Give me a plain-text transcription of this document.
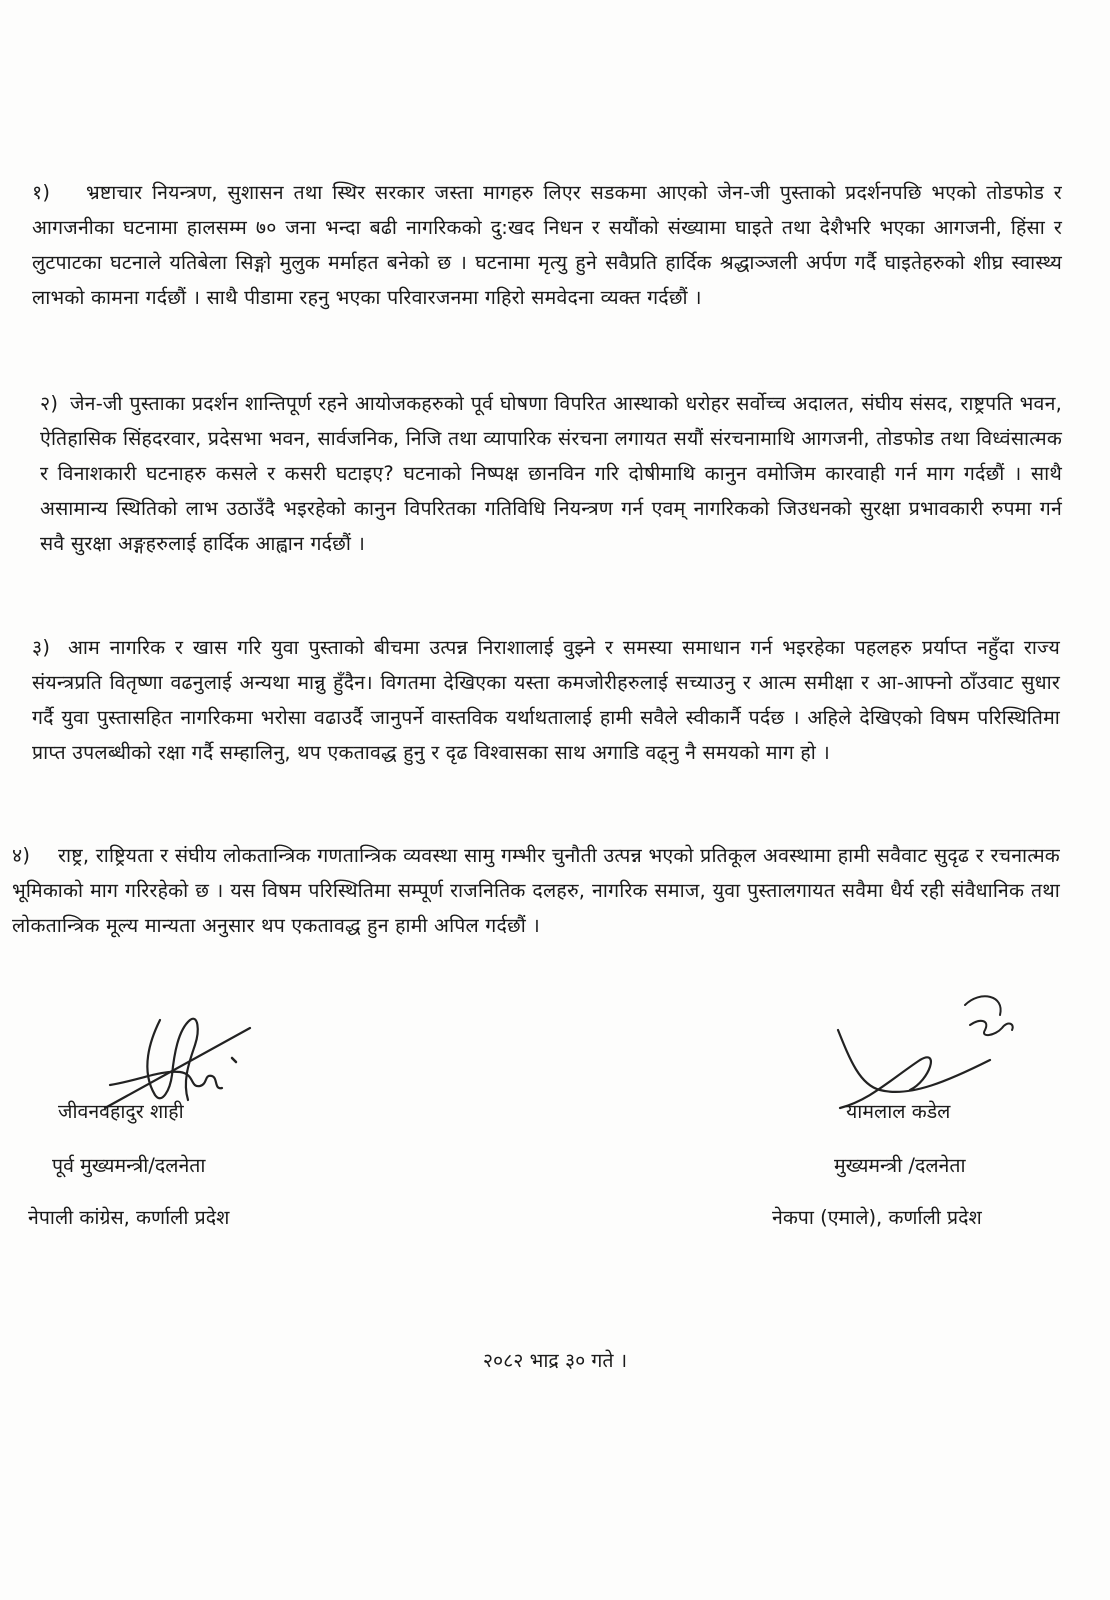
१)	भ्रष्टाचार नियन्त्रण, सुशासन तथा स्थिर सरकार जस्ता मागहरु लिएर सडकमा आएको जेन-जी पुस्ताको प्रदर्शनपछि भएको तोडफोड र आगजनीका घटनामा हालसम्म ७० जना भन्दा बढी नागरिकको दु:खद निधन र सयौंको संख्यामा घाइते तथा देशैभरि भएका आगजनी, हिंसा र लुटपाटका घटनाले यतिबेला सिङ्गो मुलुक मर्माहत बनेको छ । घटनामा मृत्यु हुने सवैप्रति हार्दिक श्रद्धाञ्जली अर्पण गर्दै घाइतेहरुको शीघ्र स्वास्थ्य लाभको कामना गर्दछौं । साथै पीडामा रहनु भएका परिवारजनमा गहिरो समवेदना व्यक्त गर्दछौं ।
२) जेन-जी पुस्ताका प्रदर्शन शान्तिपूर्ण रहने आयोजकहरुको पूर्व घोषणा विपरित आस्थाको धरोहर सर्वोच्च अदालत, संघीय संसद, राष्ट्रपति भवन, ऐतिहासिक सिंहदरवार, प्रदेसभा भवन, सार्वजनिक, निजि तथा व्यापारिक संरचना लगायत सयौं संरचनामाथि आगजनी, तोडफोड तथा विध्वंसात्मक र विनाशकारी घटनाहरु कसले र कसरी घटाइए? घटनाको निष्पक्ष छानविन गरि दोषीमाथि कानुन वमोजिम कारवाही गर्न माग गर्दछौं । साथै असामान्य स्थितिको लाभ उठाउँदै भइरहेको कानुन विपरितका गतिविधि नियन्त्रण गर्न एवम् नागरिकको जिउधनको सुरक्षा प्रभावकारी रुपमा गर्न सवै सुरक्षा अङ्गहरुलाई हार्दिक आह्वान गर्दछौं ।
३) आम नागरिक र खास गरि युवा पुस्ताको बीचमा उत्पन्न निराशालाई वुझ्ने र समस्या समाधान गर्न भइरहेका पहलहरु प्रर्याप्त नहुँदा राज्य संयन्त्रप्रति वितृष्णा वढनुलाई अन्यथा मान्नु हुँदैन। विगतमा देखिएका यस्ता कमजोरीहरुलाई सच्याउनु र आत्म समीक्षा र आ-आफ्नो ठाँउवाट सुधार गर्दै युवा पुस्तासहित नागरिकमा भरोसा वढाउर्दै जानुपर्ने वास्तविक यर्थाथतालाई हामी सवैले स्वीकार्नै पर्दछ । अहिले देखिएको विषम परिस्थितिमा प्राप्त उपलब्धीको रक्षा गर्दै सम्हालिनु, थप एकतावद्ध हुनु र दृढ विश्वासका साथ अगाडि वढ्नु नै समयको माग हो ।
४)	राष्ट्र, राष्ट्रियता र संघीय लोकतान्त्रिक गणतान्त्रिक व्यवस्था सामु गम्भीर चुनौती उत्पन्न भएको प्रतिकूल अवस्थामा हामी सवैवाट सुदृढ र रचनात्मक भूमिकाको माग गरिरहेको छ । यस विषम परिस्थितिमा सम्पूर्ण राजनितिक दलहरु, नागरिक समाज, युवा पुस्तालगायत सवैमा धैर्य रही संवैधानिक तथा लोकतान्त्रिक मूल्य मान्यता अनुसार थप एकतावद्ध हुन हामी अपिल गर्दछौं ।
जीवनवहादुर शाही
पूर्व मुख्यमन्त्री/दलनेता
नेपाली कांग्रेस, कर्णाली प्रदेश
यामलाल कडेल
मुख्यमन्त्री /दलनेता
नेकपा (एमाले), कर्णाली प्रदेश
२०८२ भाद्र ३० गते ।
